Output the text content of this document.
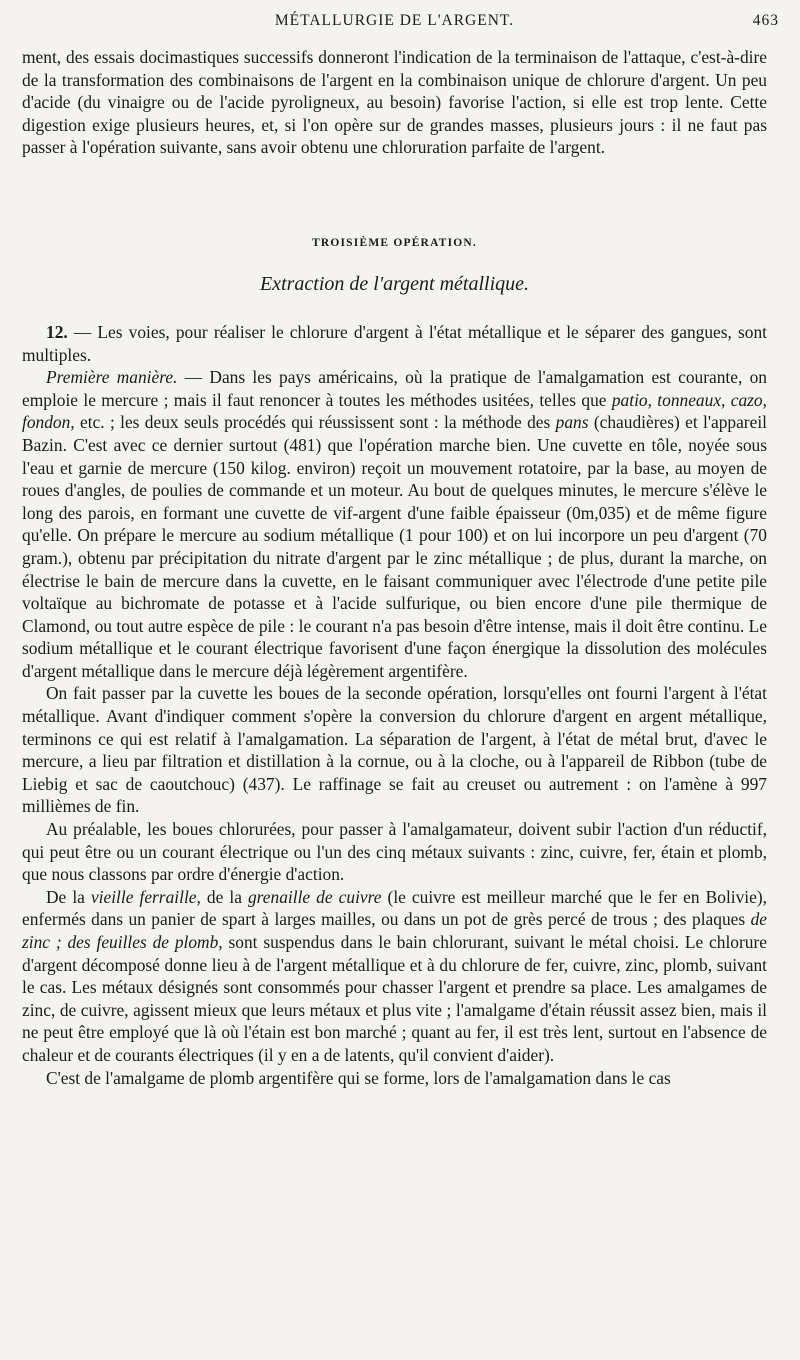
MÉTALLURGIE DE L'ARGENT.	463

ment, des essais docimastiques successifs donneront l'indication de la terminaison de l'attaque, c'est-à-dire de la transformation des combinaisons de l'argent en la combinaison unique de chlorure d'argent. Un peu d'acide (du vinaigre ou de l'acide pyroligneux, au besoin) favorise l'action, si elle est trop lente. Cette digestion exige plusieurs heures, et, si l'on opère sur de grandes masses, plusieurs jours : il ne faut pas passer à l'opération suivante, sans avoir obtenu une chloruration parfaite de l'argent.

TROISIÈME OPÉRATION.
Extraction de l'argent métallique.

12. — Les voies, pour réaliser le chlorure d'argent à l'état métallique et le séparer des gangues, sont multiples.

Première manière. — Dans les pays américains, où la pratique de l'amalgamation est courante, on emploie le mercure ; mais il faut renoncer à toutes les méthodes usitées, telles que patio, tonneaux, cazo, fondon, etc. ; les deux seuls procédés qui réussissent sont : la méthode des pans (chaudières) et l'appareil Bazin. C'est avec ce dernier surtout (481) que l'opération marche bien. Une cuvette en tôle, noyée sous l'eau et garnie de mercure (150 kilog. environ) reçoit un mouvement rotatoire, par la base, au moyen de roues d'angles, de poulies de commande et un moteur. Au bout de quelques minutes, le mercure s'élève le long des parois, en formant une cuvette de vif-argent d'une faible épaisseur (0m,035) et de même figure qu'elle. On prépare le mercure au sodium métallique (1 pour 100) et on lui incorpore un peu d'argent (70 gram.), obtenu par précipitation du nitrate d'argent par le zinc métallique ; de plus, durant la marche, on électrise le bain de mercure dans la cuvette, en le faisant communiquer avec l'électrode d'une petite pile voltaïque au bichromate de potasse et à l'acide sulfurique, ou bien encore d'une pile thermique de Clamond, ou tout autre espèce de pile : le courant n'a pas besoin d'être intense, mais il doit être continu. Le sodium métallique et le courant électrique favorisent d'une façon énergique la dissolution des molécules d'argent métallique dans le mercure déjà légèrement argentifère.

On fait passer par la cuvette les boues de la seconde opération, lorsqu'elles ont fourni l'argent à l'état métallique. Avant d'indiquer comment s'opère la conversion du chlorure d'argent en argent métallique, terminons ce qui est relatif à l'amalgamation. La séparation de l'argent, à l'état de métal brut, d'avec le mercure, a lieu par filtration et distillation à la cornue, ou à la cloche, ou à l'appareil de Ribbon (tube de Liebig et sac de caoutchouc) (437). Le raffinage se fait au creuset ou autrement : on l'amène à 997 millièmes de fin.

Au préalable, les boues chlorurées, pour passer à l'amalgamateur, doivent subir l'action d'un réductif, qui peut être ou un courant électrique ou l'un des cinq métaux suivants : zinc, cuivre, fer, étain et plomb, que nous classons par ordre d'énergie d'action.

De la vieille ferraille, de la grenaille de cuivre (le cuivre est meilleur marché que le fer en Bolivie), enfermés dans un panier de spart à larges mailles, ou dans un pot de grès percé de trous ; des plaques de zinc ; des feuilles de plomb, sont suspendus dans le bain chlorurant, suivant le métal choisi. Le chlorure d'argent décomposé donne lieu à de l'argent métallique et à du chlorure de fer, cuivre, zinc, plomb, suivant le cas. Les métaux désignés sont consommés pour chasser l'argent et prendre sa place. Les amalgames de zinc, de cuivre, agissent mieux que leurs métaux et plus vite ; l'amalgame d'étain réussit assez bien, mais il ne peut être employé que là où l'étain est bon marché ; quant au fer, il est très lent, surtout en l'absence de chaleur et de courants électriques (il y en a de latents, qu'il convient d'aider).

C'est de l'amalgame de plomb argentifère qui se forme, lors de l'amalgamation dans le cas
